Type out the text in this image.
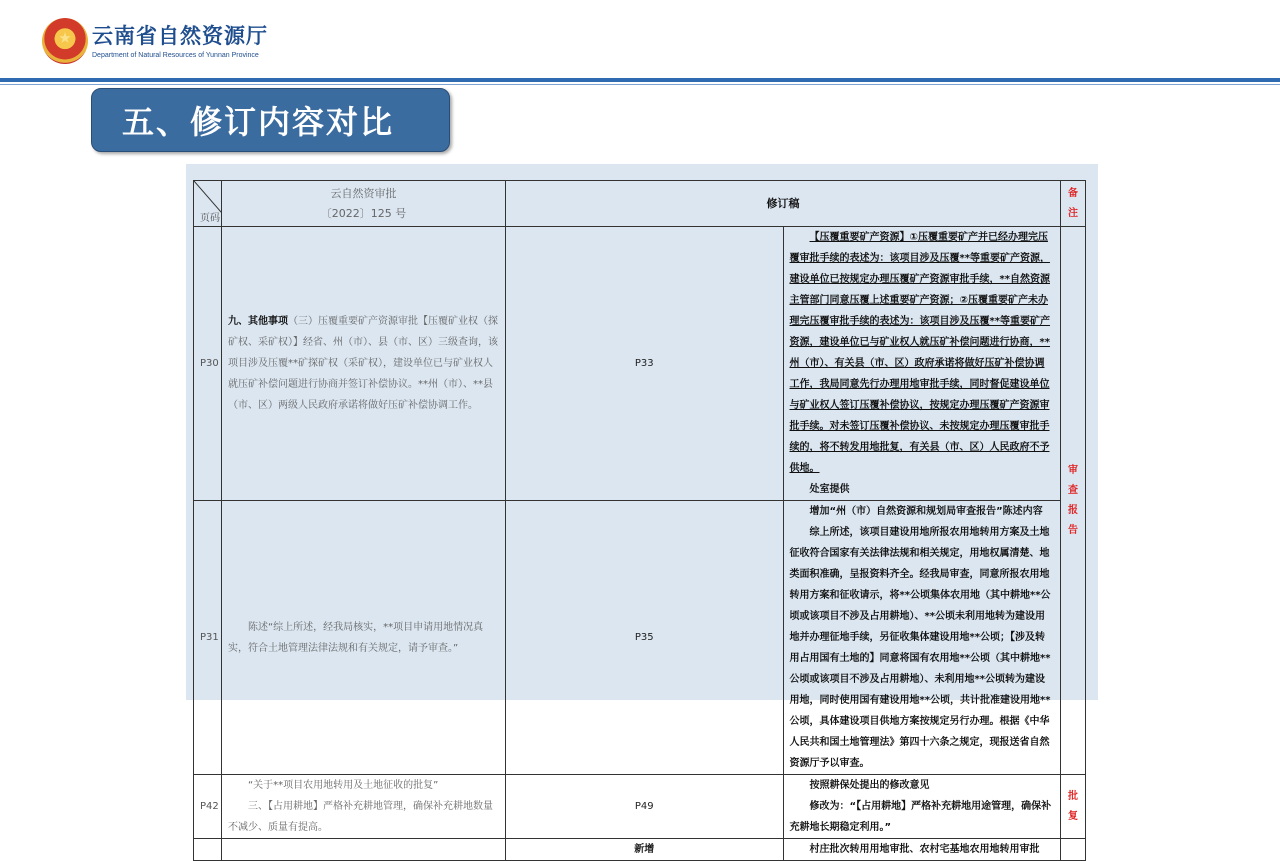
云南省自然资源厅
Department of Natural Resources of Yunnan Province
五、修订内容对比
页码	云自然资审批
〔2022〕125 号	修订稿		备注

P30	九、其他事项（三）压覆重要矿产资源审批【压覆矿业权（探矿权、采矿权）】经省、州（市）、县（市、区）三级查询，该项目涉及压覆**矿探矿权（采矿权），建设单位已与矿业权人就压矿补偿问题进行协商并签订补偿协议。**州（市）、**县（市、区）两级人民政府承诺将做好压矿补偿协调工作。	P33	【压覆重要矿产资源】①压覆重要矿产并已经办理完压覆审批手续的表述为：该项目涉及压覆**等重要矿产资源，建设单位已按规定办理压覆矿产资源审批手续，**自然资源主管部门同意压覆上述重要矿产资源；②压覆重要矿产未办理完压覆审批手续的表述为：该项目涉及压覆**等重要矿产资源，建设单位已与矿业权人就压矿补偿问题进行协商，**州（市）、有关县（市、区）政府承诺将做好压矿补偿协调工作，我局同意先行办理用地审批手续，同时督促建设单位与矿业权人签订压覆补偿协议，按规定办理压覆矿产资源审批手续。对未签订压覆补偿协议、未按规定办理压覆审批手续的，将不转发用地批复，有关县（市、区）人民政府不予供地。
处室提供	审查报告

P31	陈述“综上所述，经我局核实，**项目申请用地情况真实，符合土地管理法律法规和有关规定，请予审查。”	P35	增加“州（市）自然资源和规划局审查报告”陈述内容
综上所述，该项目建设用地所报农用地转用方案及土地征收符合国家有关法律法规和相关规定，用地权属清楚、地类面积准确，呈报资料齐全。经我局审查，同意所报农用地转用方案和征收请示，将**公顷集体农用地（其中耕地**公顷或该项目不涉及占用耕地）、**公顷未利用地转为建设用地并办理征地手续，另征收集体建设用地**公顷；【涉及转用占用国有土地的】同意将国有农用地**公顷（其中耕地**公顷或该项目不涉及占用耕地）、未利用地**公顷转为建设用地，同时使用国有建设用地**公顷，共计批准建设用地**公顷，具体建设项目供地方案按规定另行办理。根据《中华人民共和国土地管理法》第四十六条之规定，现报送省自然资源厅予以审查。	

P42	“关于**项目农用地转用及土地征收的批复”
三、【占用耕地】严格补充耕地管理，确保补充耕地数量不减少、质量有提高。	P49	按照耕保处提出的修改意见
修改为：“【占用耕地】严格补充耕地用途管理，确保补充耕地长期稳定利用。”	批复

		新增	村庄批次转用用地审批、农村宅基地农用地转用审批	
